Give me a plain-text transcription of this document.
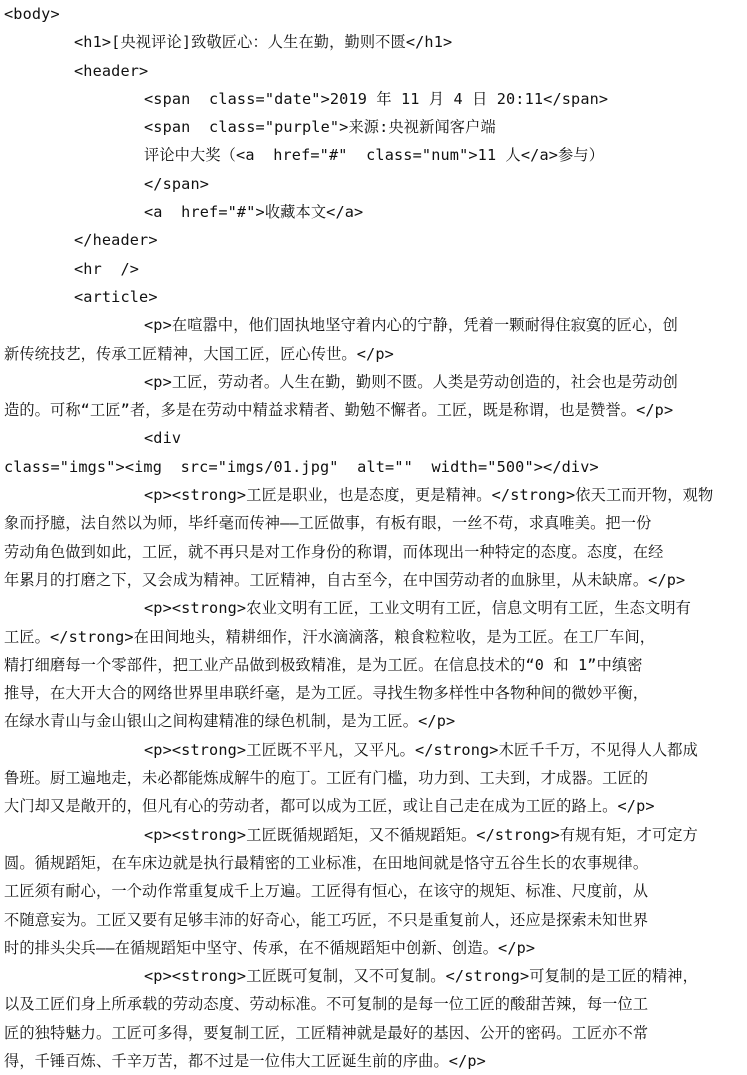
<body>
<h1>[央视评论]致敬匠心：人生在勤，勤则不匮</h1>
<header>
<span  class="date">2019 年 11 月 4 日 20:11</span>
<span  class="purple">来源:央视新闻客户端
评论中大奖（<a  href="#"  class="num">11 人</a>参与）
</span>
<a  href="#">收藏本文</a>
</header>
<hr  />
<article>
<p>在喧嚣中，他们固执地坚守着内心的宁静，凭着一颗耐得住寂寞的匠心，创
新传统技艺，传承工匠精神，大国工匠，匠心传世。</p>
<p>工匠，劳动者。人生在勤，勤则不匮。人类是劳动创造的，社会也是劳动创
造的。可称“工匠”者，多是在劳动中精益求精者、勤勉不懈者。工匠，既是称谓，也是赞誉。</p>
<div
class="imgs"><img  src="imgs/01.jpg"  alt=""  width="500"></div>
<p><strong>工匠是职业，也是态度，更是精神。</strong>依天工而开物，观物
象而抒臆，法自然以为师，毕纤毫而传神——工匠做事，有板有眼，一丝不苟，求真唯美。把一份
劳动角色做到如此，工匠，就不再只是对工作身份的称谓，而体现出一种特定的态度。态度，在经
年累月的打磨之下，又会成为精神。工匠精神，自古至今，在中国劳动者的血脉里，从未缺席。</p>
<p><strong>农业文明有工匠，工业文明有工匠，信息文明有工匠，生态文明有
工匠。</strong>在田间地头，精耕细作，汗水滴滴落，粮食粒粒收，是为工匠。在工厂车间，
精打细磨每一个零部件，把工业产品做到极致精准，是为工匠。在信息技术的“0 和 1”中缜密
推导，在大开大合的网络世界里串联纤毫，是为工匠。寻找生物多样性中各物种间的微妙平衡，
在绿水青山与金山银山之间构建精准的绿色机制，是为工匠。</p>
<p><strong>工匠既不平凡，又平凡。</strong>木匠千千万，不见得人人都成
鲁班。厨工遍地走，未必都能炼成解牛的庖丁。工匠有门槛，功力到、工夫到，才成器。工匠的
大门却又是敞开的，但凡有心的劳动者，都可以成为工匠，或让自己走在成为工匠的路上。</p>
<p><strong>工匠既循规蹈矩，又不循规蹈矩。</strong>有规有矩，才可定方
圆。循规蹈矩，在车床边就是执行最精密的工业标准，在田地间就是恪守五谷生长的农事规律。
工匠须有耐心，一个动作常重复成千上万遍。工匠得有恒心，在该守的规矩、标准、尺度前，从
不随意妄为。工匠又要有足够丰沛的好奇心，能工巧匠，不只是重复前人，还应是探索未知世界
时的排头尖兵——在循规蹈矩中坚守、传承，在不循规蹈矩中创新、创造。</p>
<p><strong>工匠既可复制，又不可复制。</strong>可复制的是工匠的精神，
以及工匠们身上所承载的劳动态度、劳动标准。不可复制的是每一位工匠的酸甜苦辣，每一位工
匠的独特魅力。工匠可多得，要复制工匠，工匠精神就是最好的基因、公开的密码。工匠亦不常
得，千锤百炼、千辛万苦，都不过是一位伟大工匠诞生前的序曲。</p>
